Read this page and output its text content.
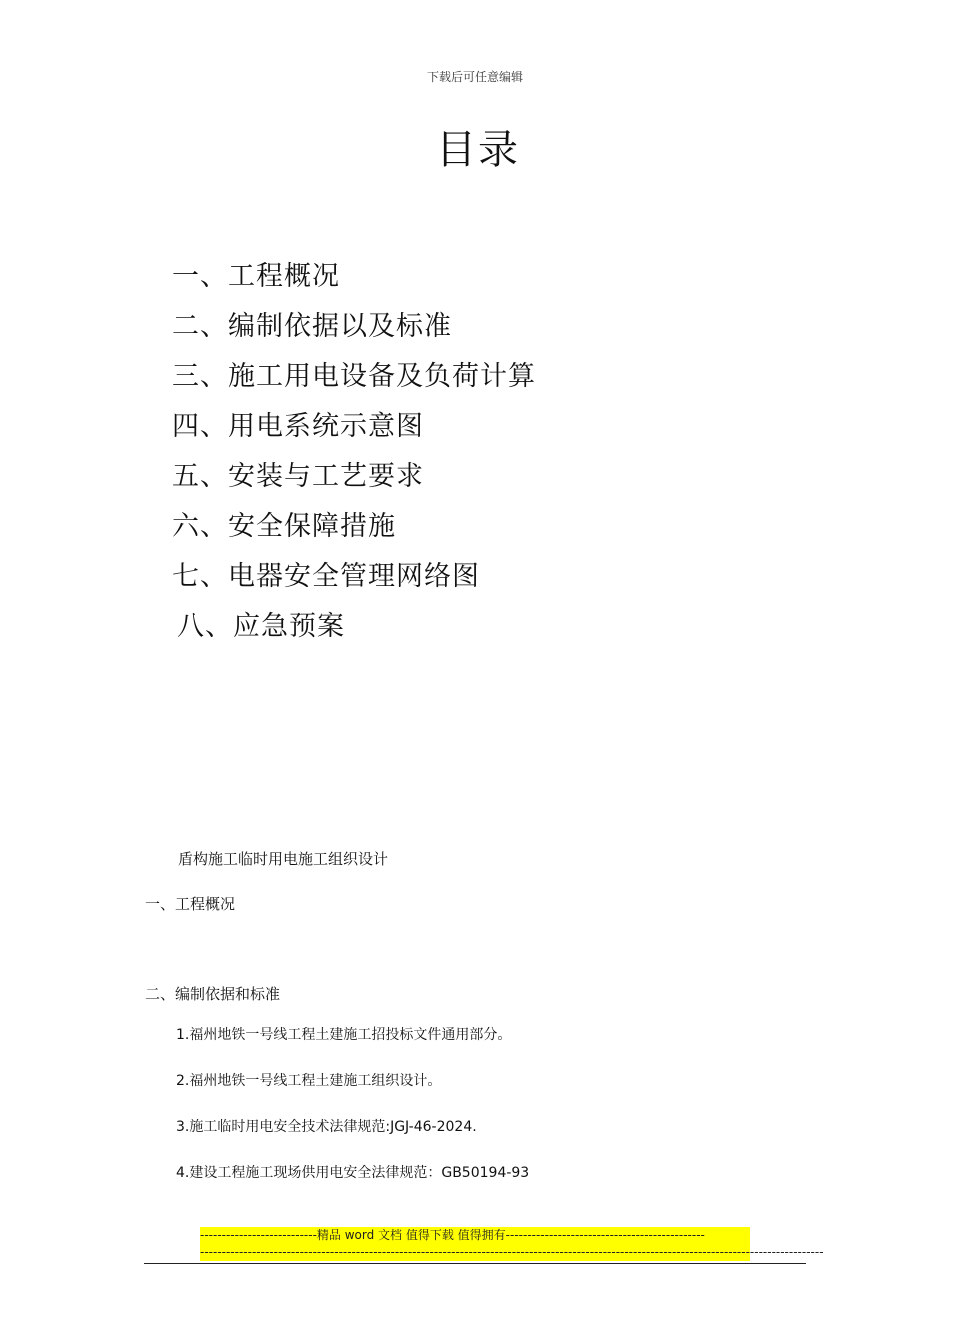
下载后可任意编辑
目录
一、工程概况
二、编制依据以及标准
三、施工用电设备及负荷计算
四、用电系统示意图
五、安装与工艺要求
六、安全保障措施
七、电器安全管理网络图
八、应急预案
盾构施工临时用电施工组织设计
一、工程概况
二、编制依据和标准
1.福州地铁一号线工程土建施工招投标文件通用部分。
2.福州地铁一号线工程土建施工组织设计。
3.施工临时用电安全技术法律规范:JGJ-46-2024.
4.建设工程施工现场供用电安全法律规范：GB50194-93
---------------------------精品 word 文档 值得下载 值得拥有----------------------------------------------
------------------------------------------------------------------------------------------------------------------------------------------------
